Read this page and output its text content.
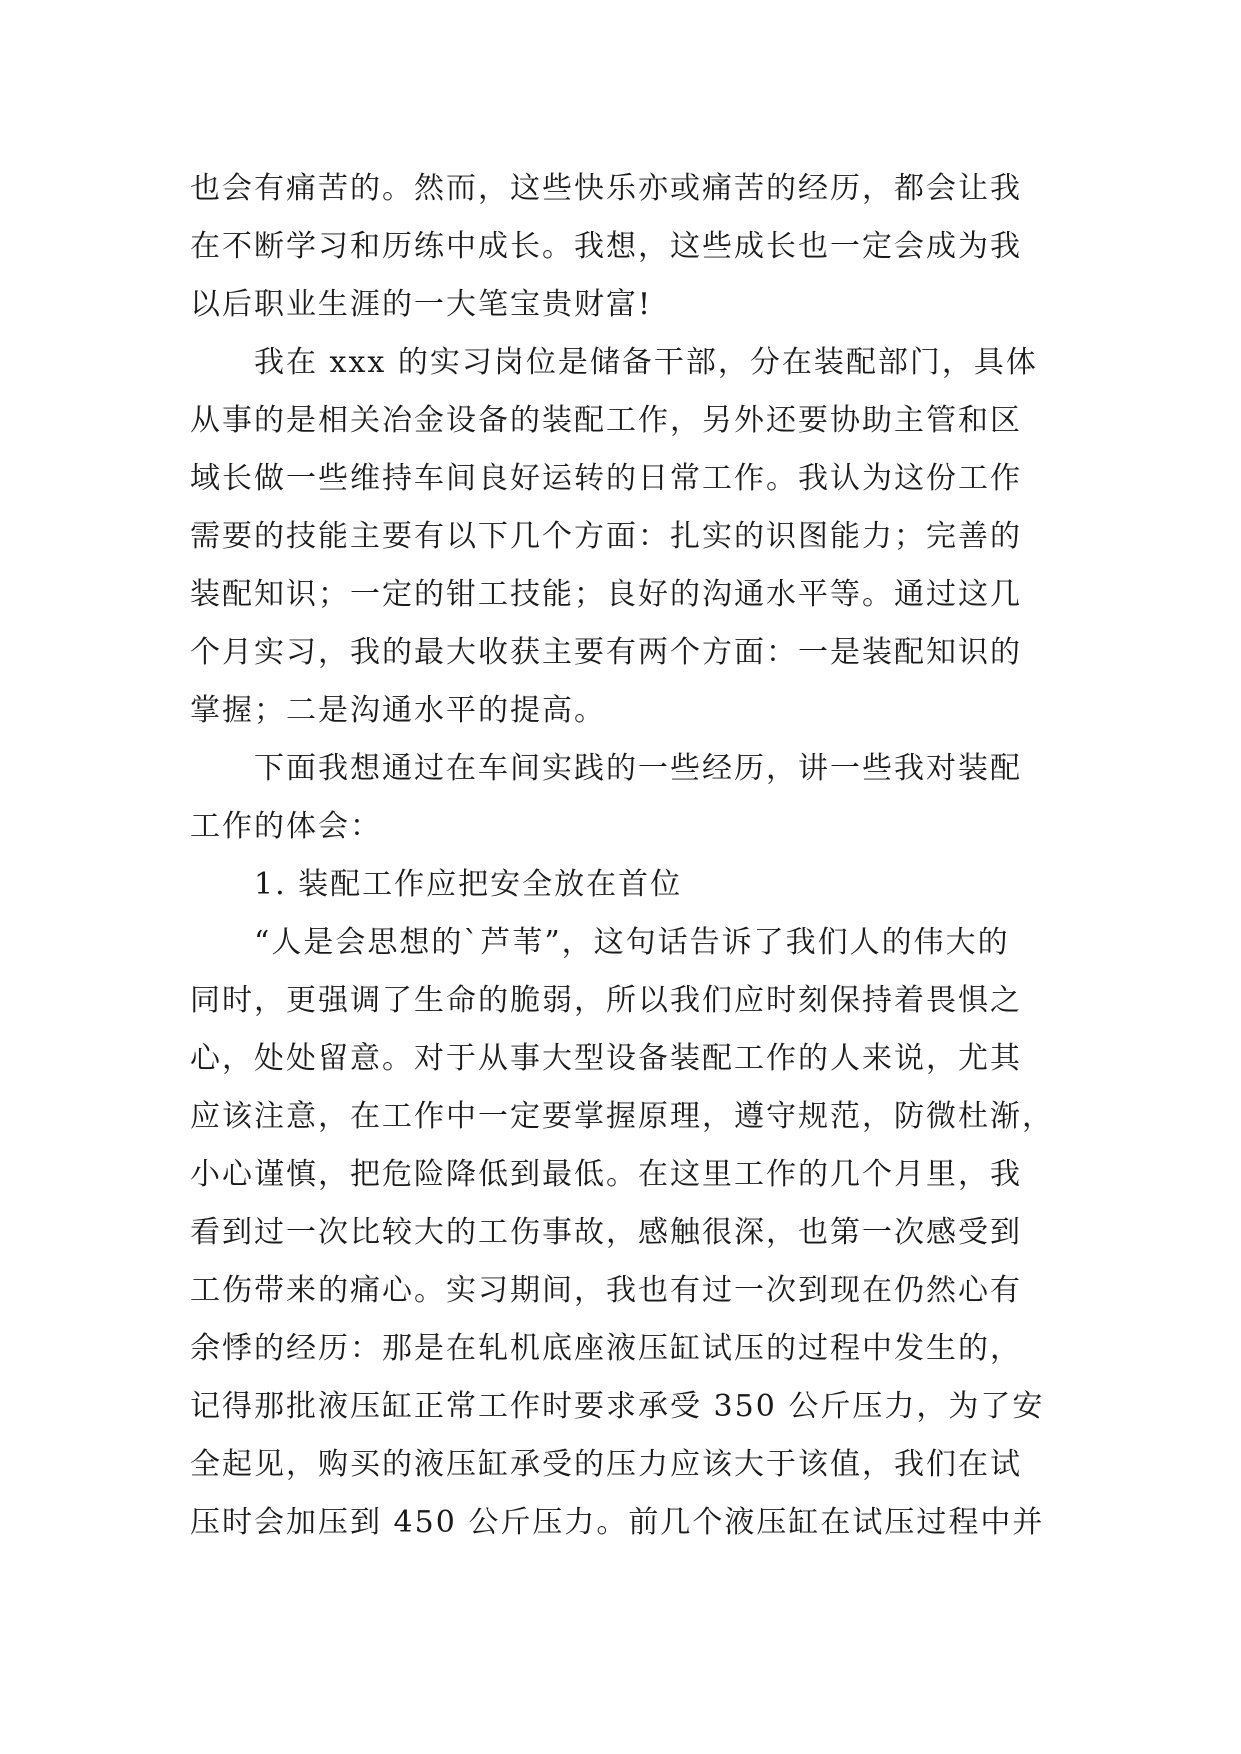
也会有痛苦的。然而，这些快乐亦或痛苦的经历，都会让我
在不断学习和历练中成长。我想，这些成长也一定会成为我
以后职业生涯的一大笔宝贵财富!
我在 xxx 的实习岗位是储备干部，分在装配部门，具体
从事的是相关冶金设备的装配工作，另外还要协助主管和区
域长做一些维持车间良好运转的日常工作。我认为这份工作
需要的技能主要有以下几个方面：扎实的识图能力；完善的
装配知识；一定的钳工技能；良好的沟通水平等。通过这几
个月实习，我的最大收获主要有两个方面：一是装配知识的
掌握；二是沟通水平的提高。
下面我想通过在车间实践的一些经历，讲一些我对装配
工作的体会：
1. 装配工作应把安全放在首位
“人是会思想的`芦苇”，这句话告诉了我们人的伟大的
同时，更强调了生命的脆弱，所以我们应时刻保持着畏惧之
心，处处留意。对于从事大型设备装配工作的人来说，尤其
应该注意，在工作中一定要掌握原理，遵守规范，防微杜渐，
小心谨慎，把危险降低到最低。在这里工作的几个月里，我
看到过一次比较大的工伤事故，感触很深，也第一次感受到
工伤带来的痛心。实习期间，我也有过一次到现在仍然心有
余悸的经历：那是在轧机底座液压缸试压的过程中发生的，
记得那批液压缸正常工作时要求承受 350 公斤压力，为了安
全起见，购买的液压缸承受的压力应该大于该值，我们在试
压时会加压到 450 公斤压力。前几个液压缸在试压过程中并
